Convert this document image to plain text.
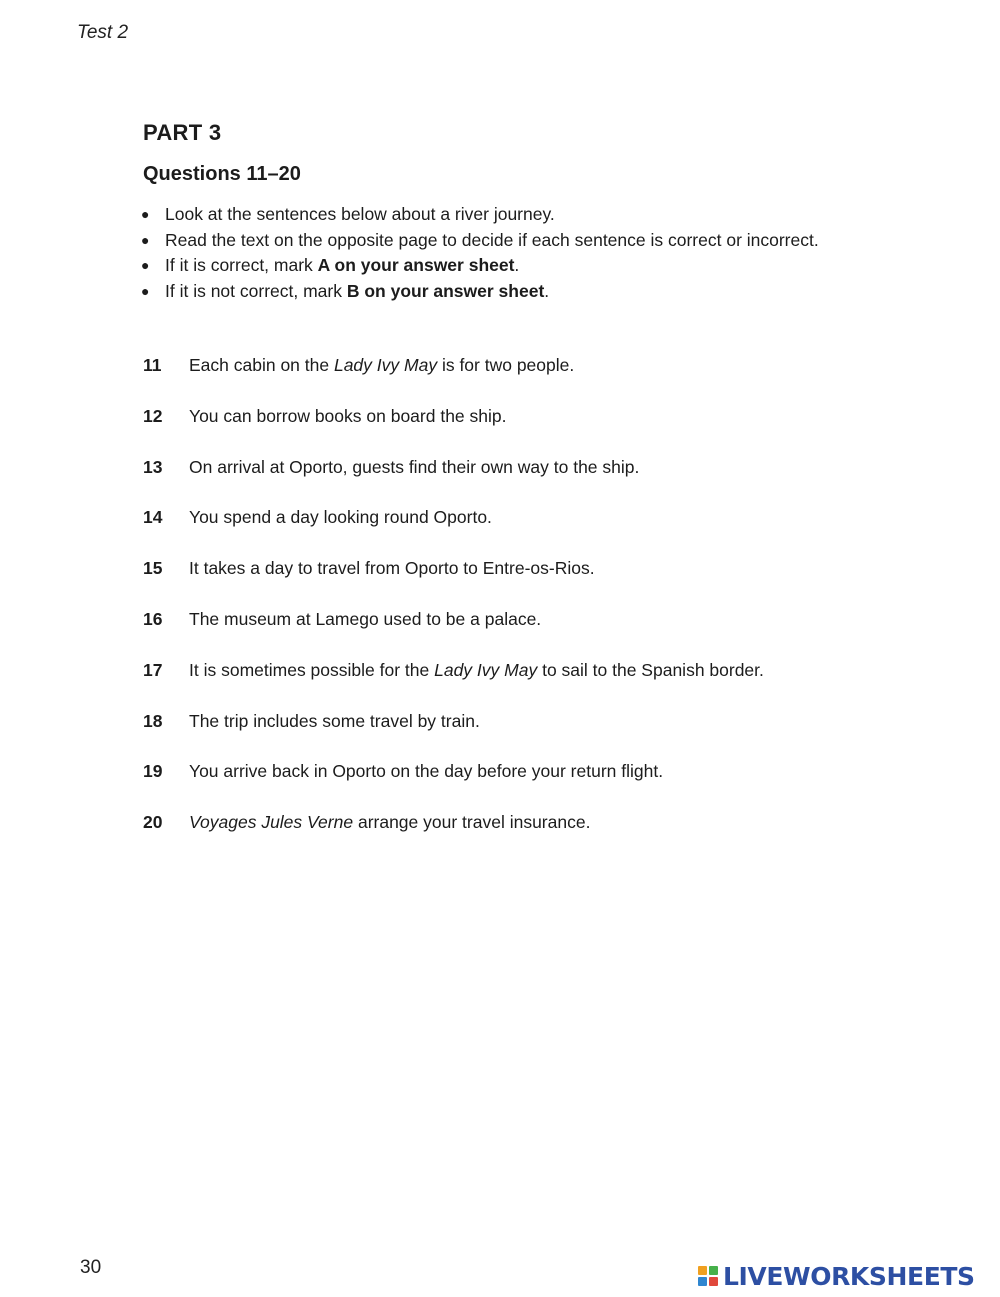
Test 2
PART 3
Questions 11–20
● Look at the sentences below about a river journey.
● Read the text on the opposite page to decide if each sentence is correct or incorrect.
● If it is correct, mark A on your answer sheet.
● If it is not correct, mark B on your answer sheet.
11	Each cabin on the Lady Ivy May is for two people.
12	You can borrow books on board the ship.
13	On arrival at Oporto, guests find their own way to the ship.
14	You spend a day looking round Oporto.
15	It takes a day to travel from Oporto to Entre-os-Rios.
16	The museum at Lamego used to be a palace.
17	It is sometimes possible for the Lady Ivy May to sail to the Spanish border.
18	The trip includes some travel by train.
19	You arrive back in Oporto on the day before your return flight.
20	Voyages Jules Verne arrange your travel insurance.
30	LIVEWORKSHEETS
